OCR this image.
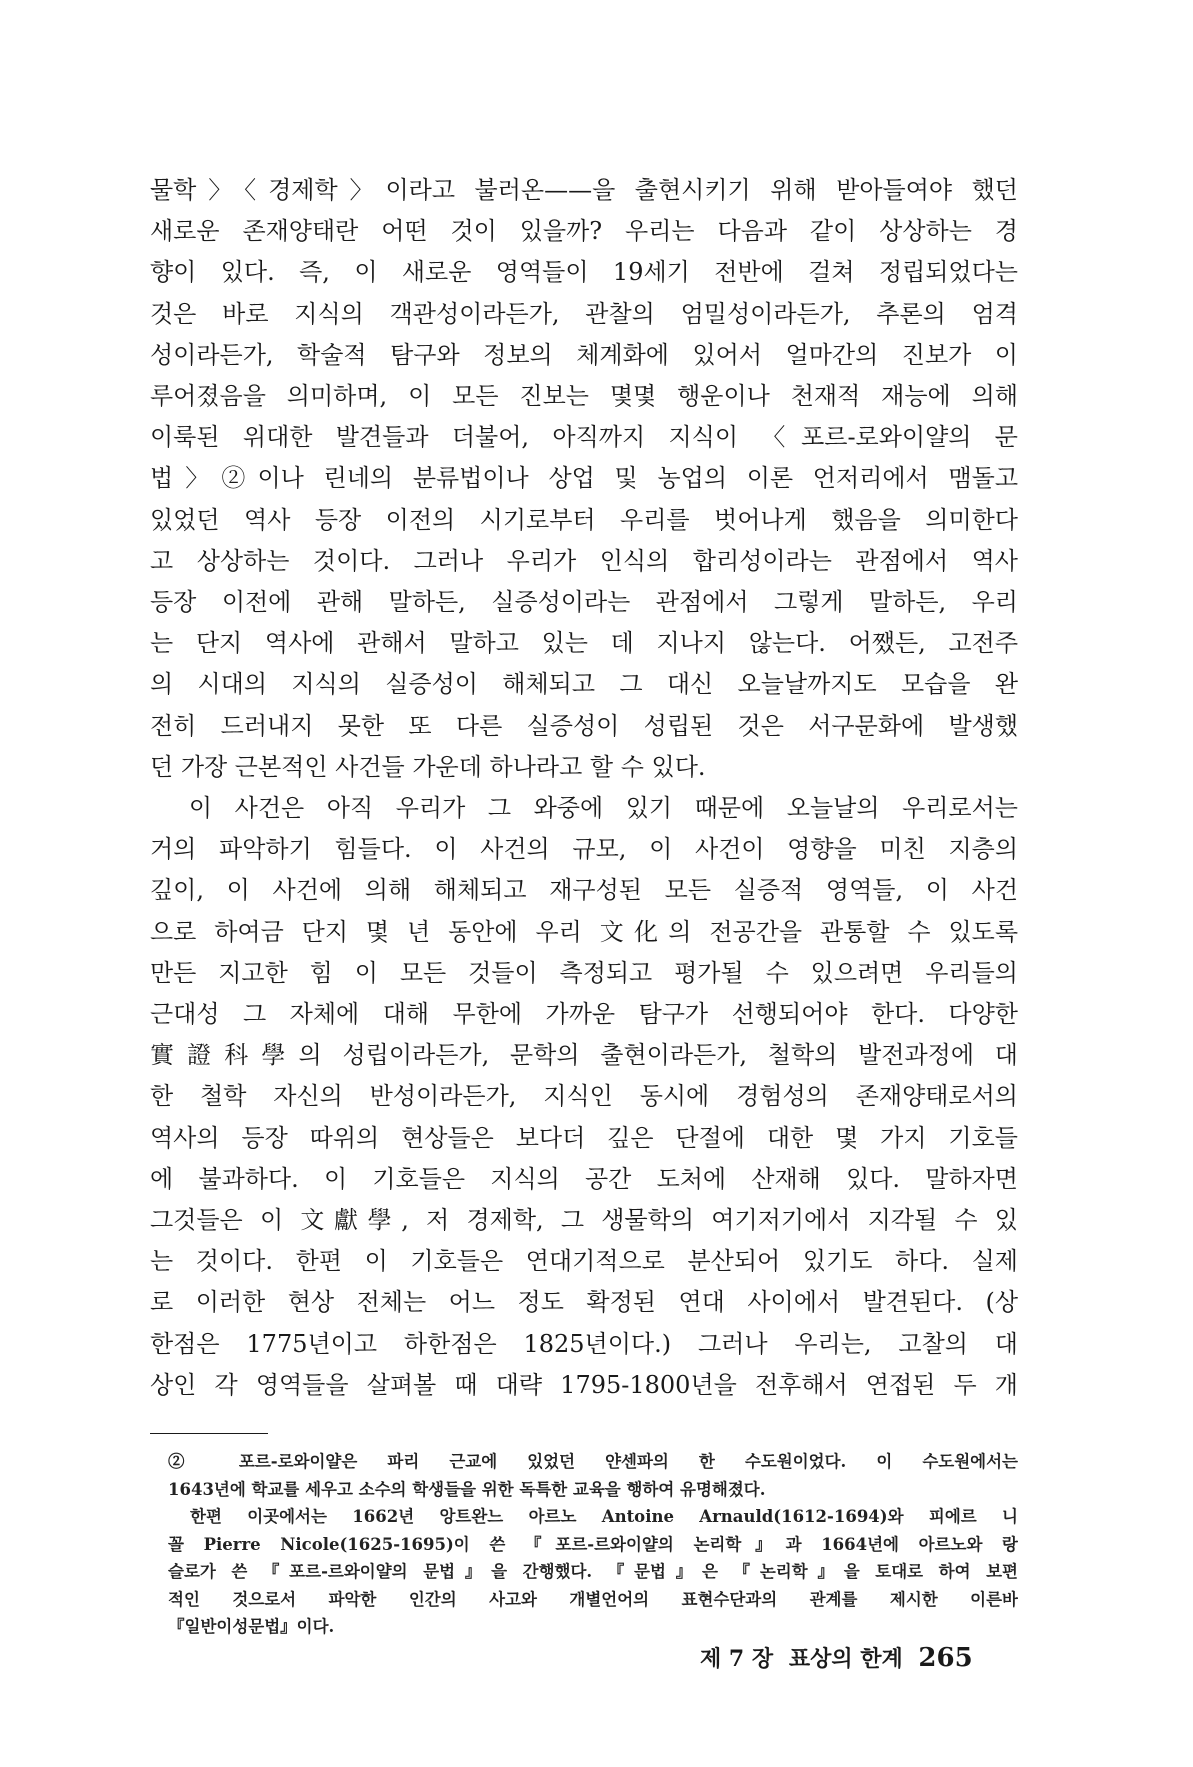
물학〉〈경제학〉이라고 불러온——을 출현시키기 위해 받아들여야 했던
새로운 존재양태란 어떤 것이 있을까? 우리는 다음과 같이 상상하는 경
향이 있다. 즉, 이 새로운 영역들이 19세기 전반에 걸쳐 정립되었다는
것은 바로 지식의 객관성이라든가, 관찰의 엄밀성이라든가, 추론의 엄격
성이라든가, 학술적 탐구와 정보의 체계화에 있어서 얼마간의 진보가 이
루어졌음을 의미하며, 이 모든 진보는 몇몇 행운이나 천재적 재능에 의해
이룩된 위대한 발견들과 더불어, 아직까지 지식이 〈포르-로와이얄의 문
법〉②이나 린네의 분류법이나 상업 및 농업의 이론 언저리에서 맴돌고
있었던 역사 등장 이전의 시기로부터 우리를 벗어나게 했음을 의미한다
고 상상하는 것이다. 그러나 우리가 인식의 합리성이라는 관점에서 역사
등장 이전에 관해 말하든, 실증성이라는 관점에서 그렇게 말하든, 우리
는 단지 역사에 관해서 말하고 있는 데 지나지 않는다. 어쨌든, 고전주
의 시대의 지식의 실증성이 해체되고 그 대신 오늘날까지도 모습을 완
전히 드러내지 못한 또 다른 실증성이 성립된 것은 서구문화에 발생했
던 가장 근본적인 사건들 가운데 하나라고 할 수 있다.
　이 사건은 아직 우리가 그 와중에 있기 때문에 오늘날의 우리로서는
거의 파악하기 힘들다. 이 사건의 규모, 이 사건이 영향을 미친 지층의
깊이, 이 사건에 의해 해체되고 재구성된 모든 실증적 영역들, 이 사건
으로 하여금 단지 몇 년 동안에 우리 文化의 전공간을 관통할 수 있도록
만든 지고한 힘 이 모든 것들이 측정되고 평가될 수 있으려면 우리들의
근대성 그 자체에 대해 무한에 가까운 탐구가 선행되어야 한다. 다양한
實證科學의 성립이라든가, 문학의 출현이라든가, 철학의 발전과정에 대
한 철학 자신의 반성이라든가, 지식인 동시에 경험성의 존재양태로서의
역사의 등장 따위의 현상들은 보다더 깊은 단절에 대한 몇 가지 기호들
에 불과하다. 이 기호들은 지식의 공간 도처에 산재해 있다. 말하자면
그것들은 이 文獻學, 저 경제학, 그 생물학의 여기저기에서 지각될 수 있
는 것이다. 한편 이 기호들은 연대기적으로 분산되어 있기도 하다. 실제
로 이러한 현상 전체는 어느 정도 확정된 연대 사이에서 발견된다. (상
한점은 1775년이고 하한점은 1825년이다.) 그러나 우리는, 고찰의 대
상인 각 영역들을 살펴볼 때 대략 1795-1800년을 전후해서 연접된 두 개
② 포르-로와이얄은 파리 근교에 있었던 얀센파의 한 수도원이었다. 이 수도원에서는
1643년에 학교를 세우고 소수의 학생들을 위한 독특한 교육을 행하여 유명해졌다.
한편 이곳에서는 1662년 앙트완느 아르노 Antoine Arnauld(1612-1694)와 피에르 니
꼴 Pierre Nicole(1625-1695)이 쓴 『포르-르와이얄의 논리학』과 1664년에 아르노와 랑
슬로가 쓴 『포르-르와이얄의 문법』을 간행했다. 『문법』은 『논리학』을 토대로 하여 보편
적인 것으로서 파악한 인간의 사고와 개별언어의 표현수단과의 관계를 제시한 이른바
『일반이성문법』이다.
제 7 장 표상의 한계 265
